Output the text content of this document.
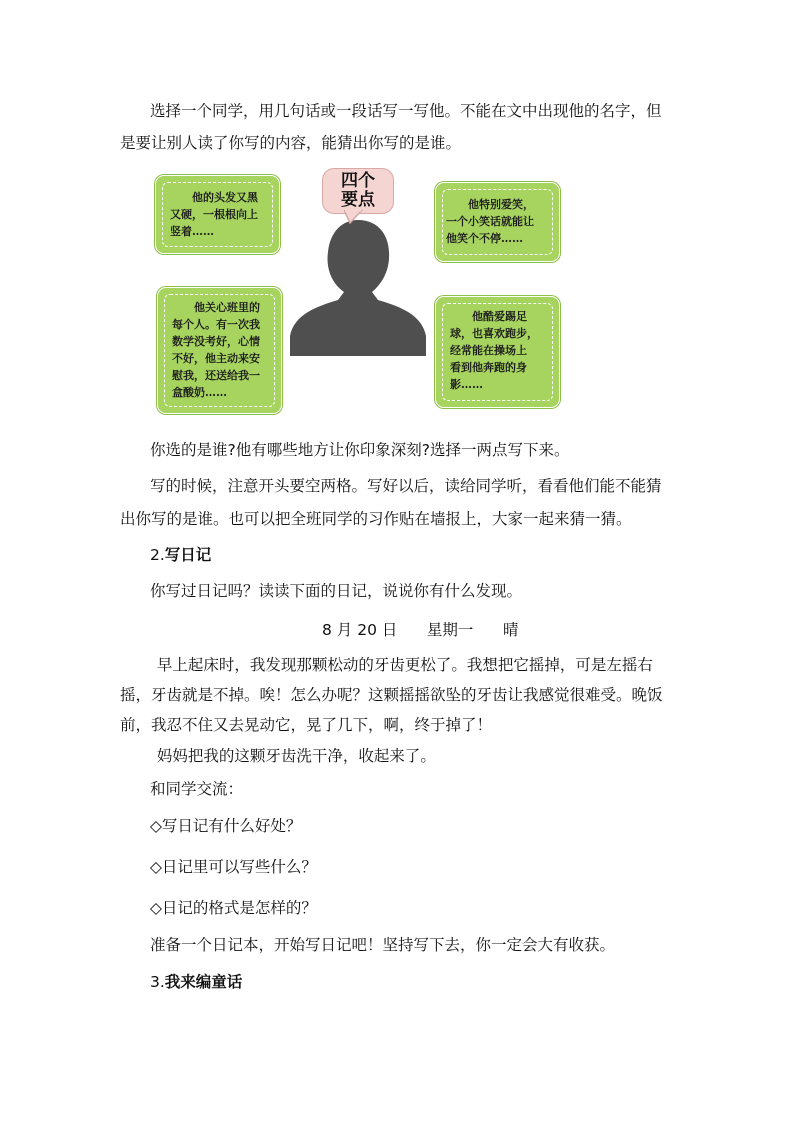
选择一个同学，用几句话或一段话写一写他。不能在文中出现他的名字，但
是要让别人读了你写的内容，能猜出你写的是谁。
四个
要点
　　他的头发又黑
又硬，一根根向上
竖着……
　　他特别爱笑，
一个小笑话就能让
他笑个不停……
　　他关心班里的
每个人。有一次我
数学没考好，心情
不好，他主动来安
慰我，还送给我一
盒酸奶……
　　他酷爱踢足
球，也喜欢跑步，
经常能在操场上
看到他奔跑的身
影……
你选的是谁?他有哪些地方让你印象深刻?选择一两点写下来。
写的时候，注意开头要空两格。写好以后，读给同学听，看看他们能不能猜
出你写的是谁。也可以把全班同学的习作贴在墙报上，大家一起来猜一猜。
2.写日记
你写过日记吗？读读下面的日记，说说你有什么发现。
8 月 20 日      星期一      晴
早上起床时，我发现那颗松动的牙齿更松了。我想把它摇掉，可是左摇右
摇，牙齿就是不掉。唉！怎么办呢？这颗摇摇欲坠的牙齿让我感觉很难受。晚饭
前，我忍不住又去晃动它，晃了几下，啊，终于掉了！
妈妈把我的这颗牙齿洗干净，收起来了。
和同学交流：
◇写日记有什么好处？
◇日记里可以写些什么？
◇日记的格式是怎样的？
准备一个日记本，开始写日记吧！坚持写下去，你一定会大有收获。
3.我来编童话
